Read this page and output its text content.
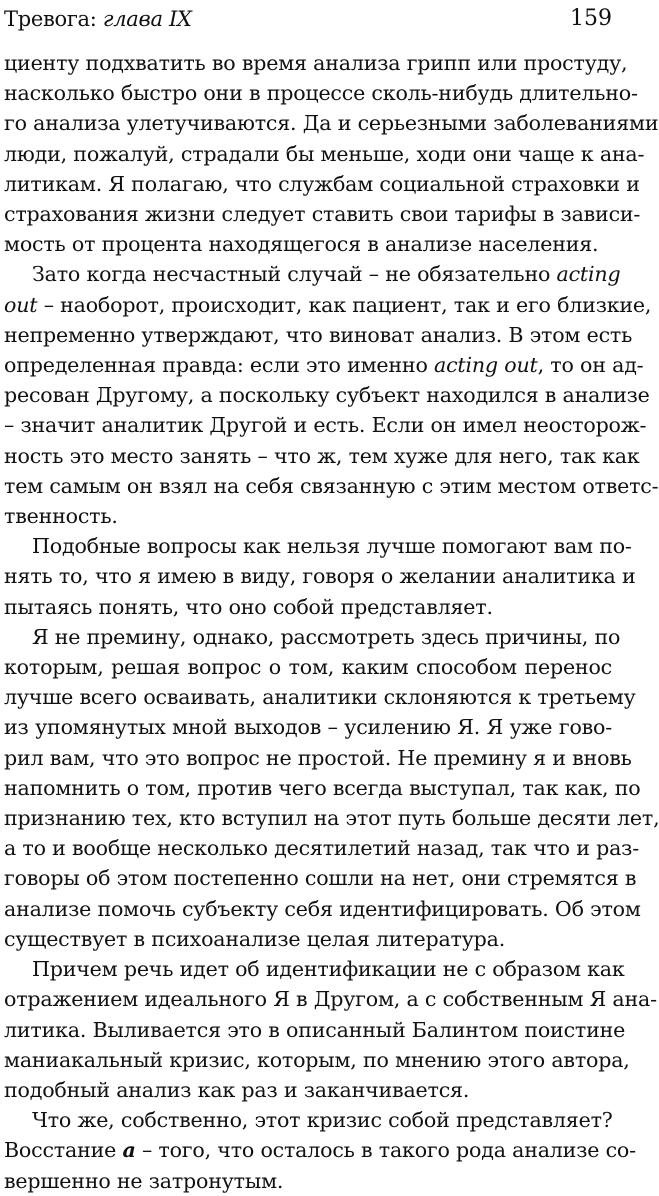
Тревога: глава IX	159

циенту подхватить во время анализа грипп или простуду,
насколько быстро они в процессе сколь-нибудь длительно-
го анализа улетучиваются. Да и серьезными заболеваниями
люди, пожалуй, страдали бы меньше, ходи они чаще к ана-
литикам. Я полагаю, что службам социальной страховки и
страхования жизни следует ставить свои тарифы в зависи-
мость от процента находящегося в анализе населения.

Зато когда несчастный случай – не обязательно acting
out – наоборот, происходит, как пациент, так и его близкие,
непременно утверждают, что виноват анализ. В этом есть
определенная правда: если это именно acting out, то он ад-
ресован Другому, а поскольку субъект находился в анализе
– значит аналитик Другой и есть. Если он имел неосторож-
ность это место занять – что ж, тем хуже для него, так как
тем самым он взял на себя связанную с этим местом ответс-
твенность.

Подобные вопросы как нельзя лучше помогают вам по-
нять то, что я имею в виду, говоря о желании аналитика и
пытаясь понять, что оно собой представляет.

Я не премину, однако, рассмотреть здесь причины, по
которым, решая вопрос о том, каким способом перенос
лучше всего осваивать, аналитики склоняются к третьему
из упомянутых мной выходов – усилению Я. Я уже гово-
рил вам, что это вопрос не простой. Не премину я и вновь
напомнить о том, против чего всегда выступал, так как, по
признанию тех, кто вступил на этот путь больше десяти лет,
а то и вообще несколько десятилетий назад, так что и раз-
говоры об этом постепенно сошли на нет, они стремятся в
анализе помочь субъекту себя идентифицировать. Об этом
существует в психоанализе целая литература.

Причем речь идет об идентификации не с образом как
отражением идеального Я в Другом, а с собственным Я ана-
литика. Выливается это в описанный Балинтом поистине
маниакальный кризис, которым, по мнению этого автора,
подобный анализ как раз и заканчивается.

Что же, собственно, этот кризис собой представляет?
Восстание a – того, что осталось в такого рода анализе со-
вершенно не затронутым.
